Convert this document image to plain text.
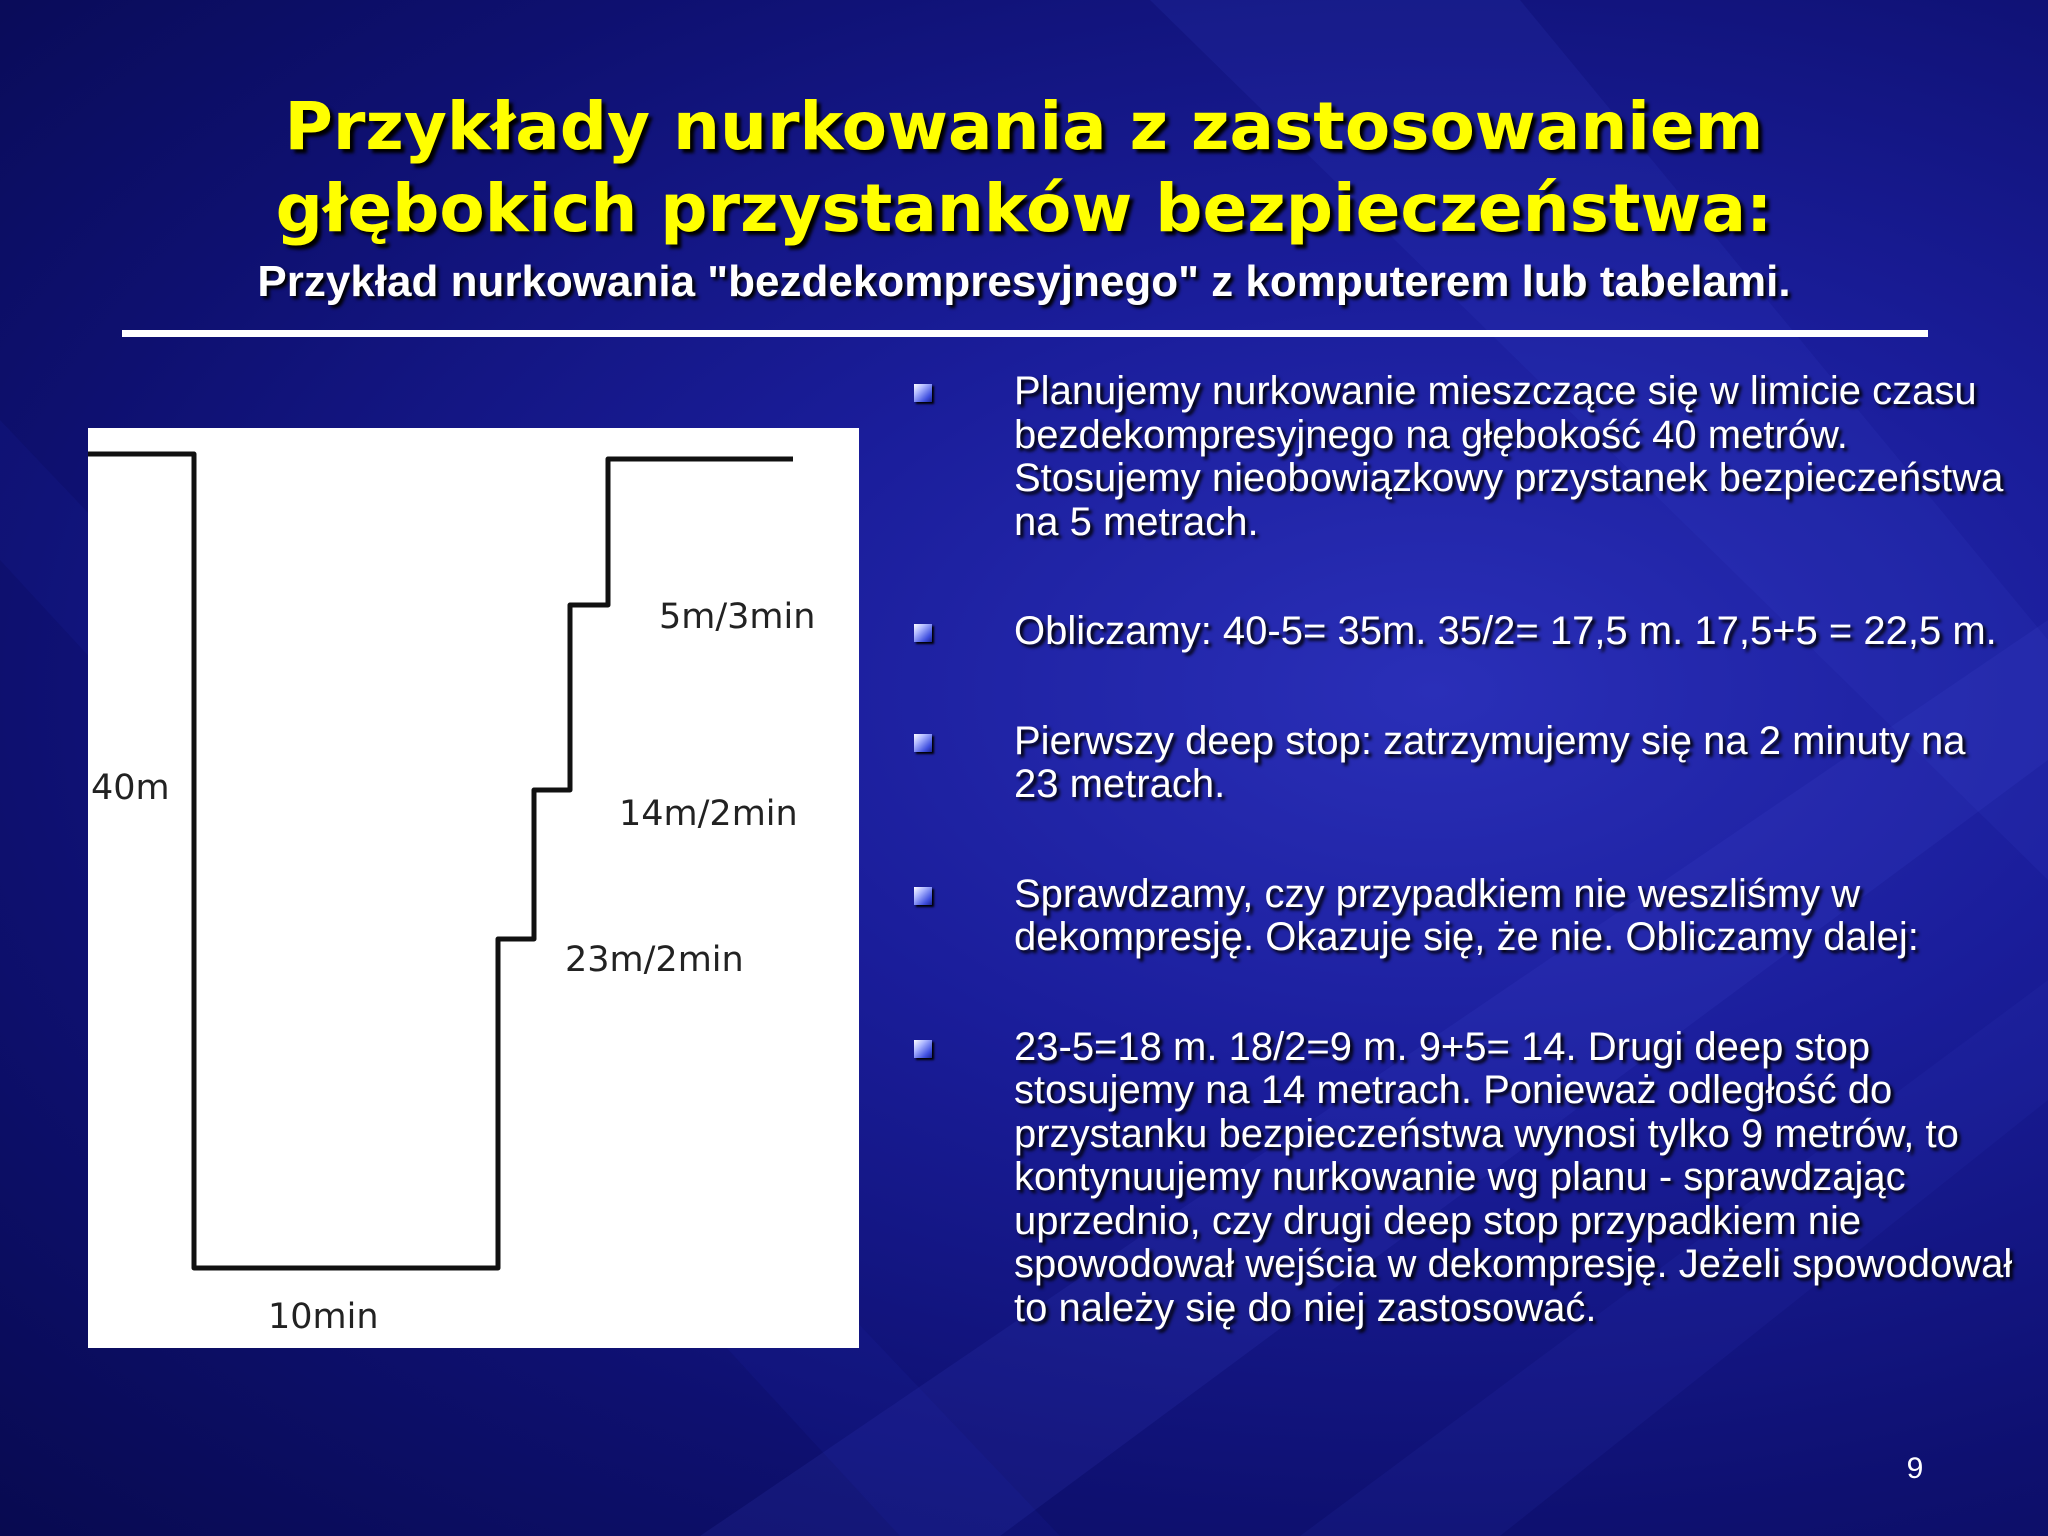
Przykłady nurkowania z zastosowaniem
głębokich przystanków bezpieczeństwa:
Przykład nurkowania "bezdekompresyjnego" z komputerem lub tabelami.
40m
10min
23m/2min
14m/2min
5m/3min
Planujemy nurkowanie mieszczące się w limicie czasu bezdekompresyjnego na głębokość 40 metrów. Stosujemy nieobowiązkowy przystanek bezpieczeństwa na 5 metrach.
Obliczamy: 40-5= 35m. 35/2= 17,5 m. 17,5+5 = 22,5 m.
Pierwszy deep stop: zatrzymujemy się na 2 minuty na 23 metrach.
Sprawdzamy, czy przypadkiem nie weszliśmy w dekompresję. Okazuje się, że nie. Obliczamy dalej:
23-5=18 m. 18/2=9 m. 9+5= 14. Drugi deep stop stosujemy na 14 metrach. Ponieważ odległość do przystanku bezpieczeństwa wynosi tylko 9 metrów, to kontynuujemy nurkowanie wg planu - sprawdzając uprzednio, czy drugi deep stop przypadkiem nie spowodował wejścia w dekompresję. Jeżeli spowodował to należy się do niej zastosować.
9
